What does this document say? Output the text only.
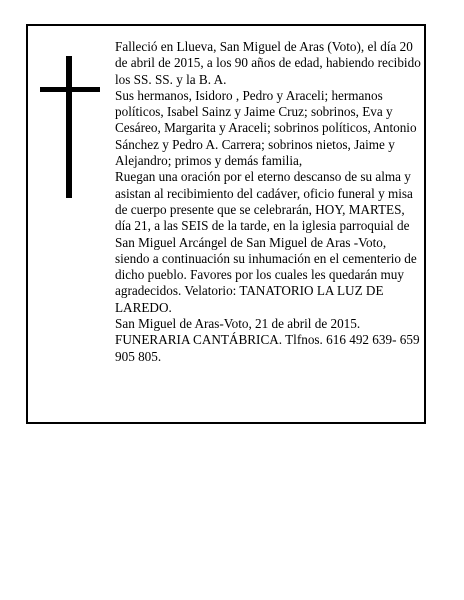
Falleció en Llueva, San Miguel de Aras (Voto), el día 20 de abril de 2015, a los 90 años de edad, habiendo recibido los SS. SS. y la B. A.

Sus hermanos, Isidoro , Pedro y Araceli; hermanos políticos, Isabel Sainz y Jaime Cruz; sobrinos, Eva y Cesáreo, Margarita y Araceli; sobrinos políticos, Antonio Sánchez y Pedro A. Carrera; sobrinos nietos, Jaime y Alejandro; primos y demás familia,

Ruegan una oración por el eterno descanso de su alma y asistan al recibimiento del cadáver, oficio funeral y misa de cuerpo presente que se celebrarán, HOY, MARTES, día 21, a las SEIS de la tarde, en la iglesia parroquial de San Miguel Arcángel de San Miguel de Aras -Voto, siendo a continuación su inhumación en el cementerio de dicho pueblo. Favores por los cuales les quedarán muy agradecidos. Velatorio: TANATORIO LA LUZ DE LAREDO.

San Miguel de Aras-Voto, 21 de abril de 2015.

FUNERARIA CANTÁBRICA. Tlfnos. 616 492 639- 659 905 805.
